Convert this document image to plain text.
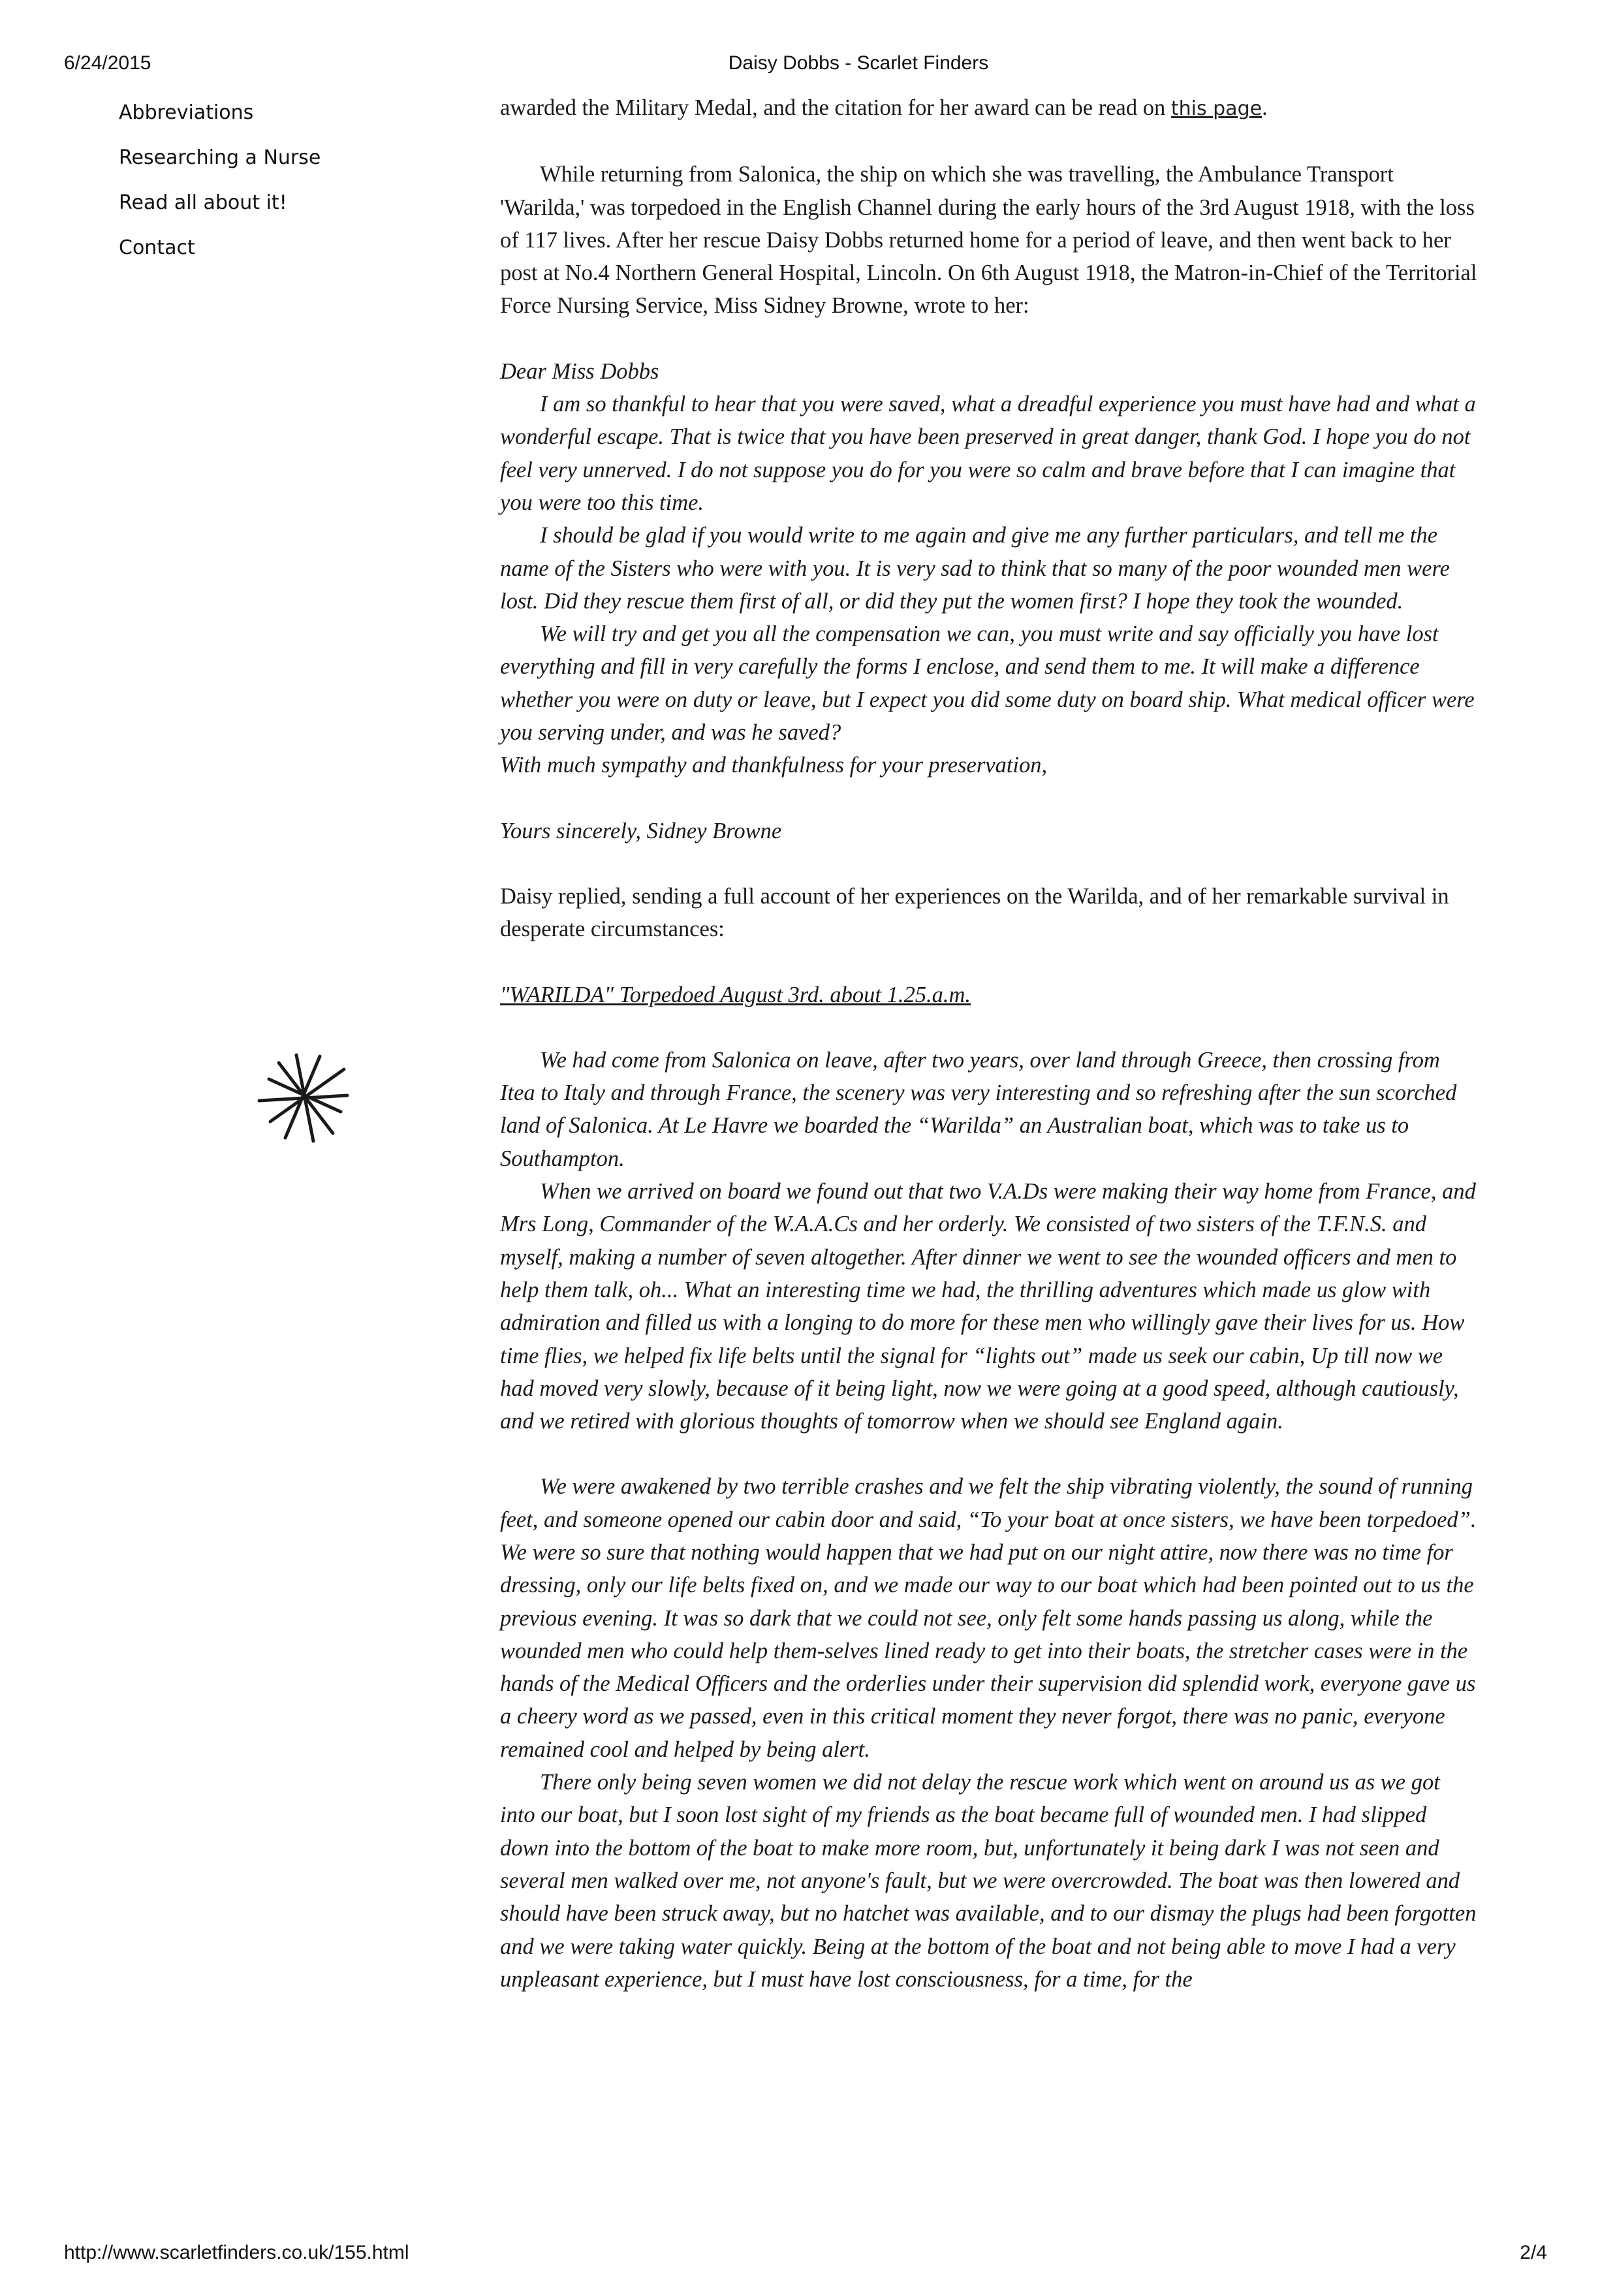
6/24/2015	Daisy Dobbs - Scarlet Finders
Abbreviations
Researching a Nurse
Read all about it!
Contact

awarded the Military Medal, and the citation for her award can be read on this page.

While returning from Salonica, the ship on which she was travelling, the Ambulance Transport 'Warilda,' was torpedoed in the English Channel during the early hours of the 3rd August 1918, with the loss of 117 lives. After her rescue Daisy Dobbs returned home for a period of leave, and then went back to her post at No.4 Northern General Hospital, Lincoln. On 6th August 1918, the Matron-in-Chief of the Territorial Force Nursing Service, Miss Sidney Browne, wrote to her:

Dear Miss Dobbs

I am so thankful to hear that you were saved, what a dreadful experience you must have had and what a wonderful escape. That is twice that you have been preserved in great danger, thank God. I hope you do not feel very unnerved. I do not suppose you do for you were so calm and brave before that I can imagine that you were too this time.

I should be glad if you would write to me again and give me any further particulars, and tell me the name of the Sisters who were with you. It is very sad to think that so many of the poor wounded men were lost. Did they rescue them first of all, or did they put the women first? I hope they took the wounded.

We will try and get you all the compensation we can, you must write and say officially you have lost everything and fill in very carefully the forms I enclose, and send them to me. It will make a difference whether you were on duty or leave, but I expect you did some duty on board ship. What medical officer were you serving under, and was he saved?

With much sympathy and thankfulness for your preservation,

Yours sincerely, Sidney Browne

Daisy replied, sending a full account of her experiences on the Warilda, and of her remarkable survival in desperate circumstances:

"WARILDA" Torpedoed August 3rd. about 1.25.a.m.

We had come from Salonica on leave, after two years, over land through Greece, then crossing from Itea to Italy and through France, the scenery was very interesting and so refreshing after the sun scorched land of Salonica. At Le Havre we boarded the “Warilda” an Australian boat, which was to take us to Southampton.

When we arrived on board we found out that two V.A.Ds were making their way home from France, and Mrs Long, Commander of the W.A.A.Cs and her orderly. We consisted of two sisters of the T.F.N.S. and myself, making a number of seven altogether. After dinner we went to see the wounded officers and men to help them talk, oh... What an interesting time we had, the thrilling adventures which made us glow with admiration and filled us with a longing to do more for these men who willingly gave their lives for us. How time flies, we helped fix life belts until the signal for “lights out” made us seek our cabin, Up till now we had moved very slowly, because of it being light, now we were going at a good speed, although cautiously, and we retired with glorious thoughts of tomorrow when we should see England again.

We were awakened by two terrible crashes and we felt the ship vibrating violently, the sound of running feet, and someone opened our cabin door and said, “To your boat at once sisters, we have been torpedoed”. We were so sure that nothing would happen that we had put on our night attire, now there was no time for dressing, only our life belts fixed on, and we made our way to our boat which had been pointed out to us the previous evening. It was so dark that we could not see, only felt some hands passing us along, while the wounded men who could help them-selves lined ready to get into their boats, the stretcher cases were in the hands of the Medical Officers and the orderlies under their supervision did splendid work, everyone gave us a cheery word as we passed, even in this critical moment they never forgot, there was no panic, everyone remained cool and helped by being alert.

There only being seven women we did not delay the rescue work which went on around us as we got into our boat, but I soon lost sight of my friends as the boat became full of wounded men. I had slipped down into the bottom of the boat to make more room, but, unfortunately it being dark I was not seen and several men walked over me, not anyone's fault, but we were overcrowded. The boat was then lowered and should have been struck away, but no hatchet was available, and to our dismay the plugs had been forgotten and we were taking water quickly. Being at the bottom of the boat and not being able to move I had a very unpleasant experience, but I must have lost consciousness, for a time, for the

http://www.scarletfinders.co.uk/155.html	2/4
